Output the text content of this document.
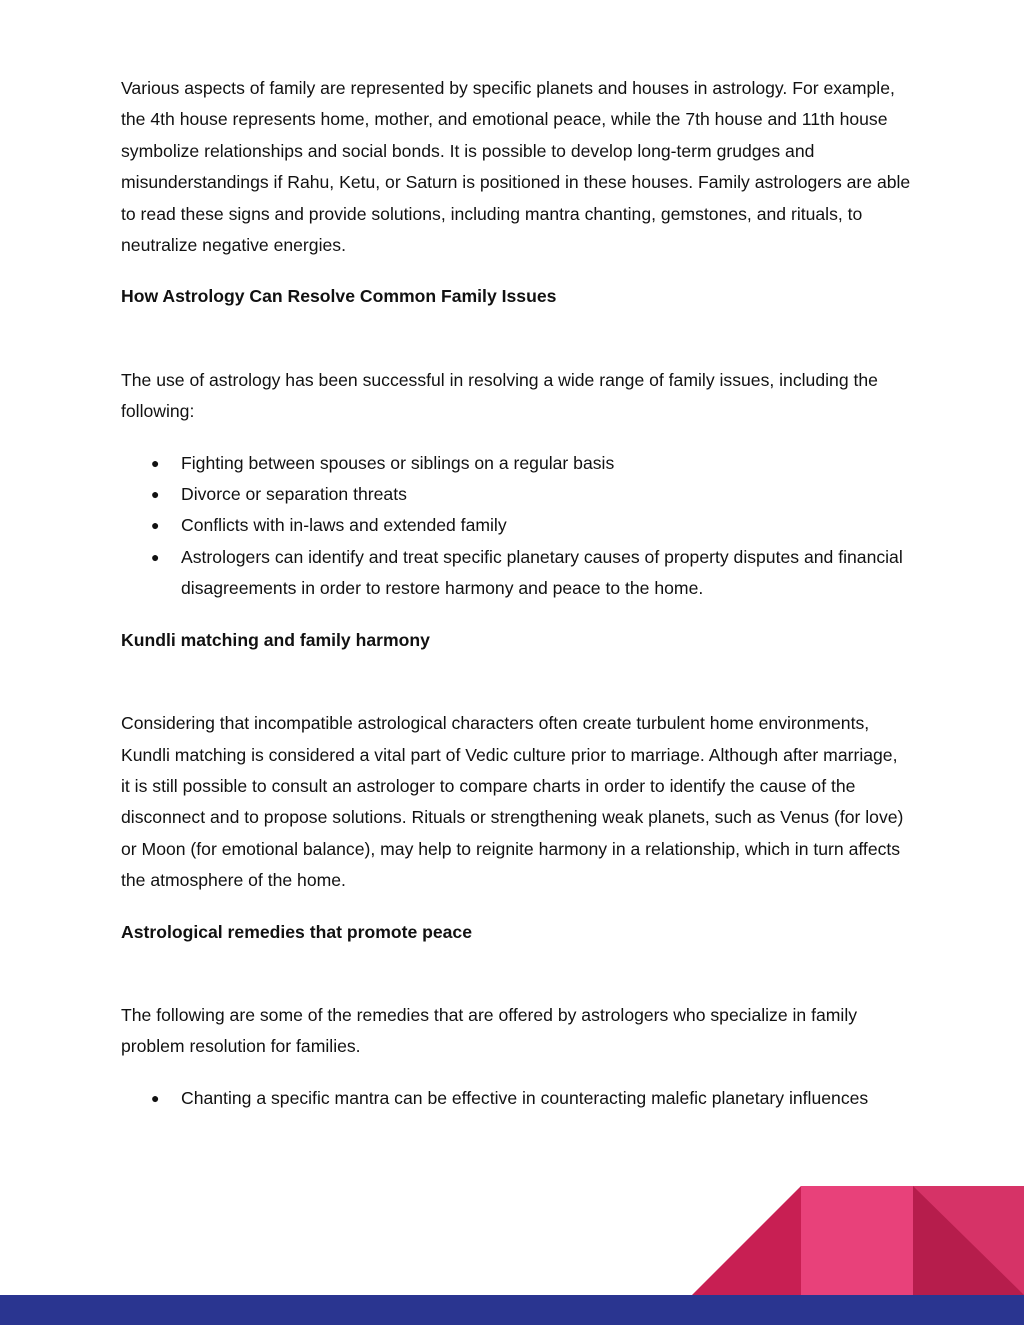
Various aspects of family are represented by specific planets and houses in astrology. For example, the 4th house represents home, mother, and emotional peace, while the 7th house and 11th house symbolize relationships and social bonds. It is possible to develop long-term grudges and misunderstandings if Rahu, Ketu, or Saturn is positioned in these houses. Family astrologers are able to read these signs and provide solutions, including mantra chanting, gemstones, and rituals, to neutralize negative energies.

How Astrology Can Resolve Common Family Issues

The use of astrology has been successful in resolving a wide range of family issues, including the following:

● Fighting between spouses or siblings on a regular basis
● Divorce or separation threats
● Conflicts with in-laws and extended family
● Astrologers can identify and treat specific planetary causes of property disputes and financial disagreements in order to restore harmony and peace to the home.
Kundli matching and family harmony

Considering that incompatible astrological characters often create turbulent home environments, Kundli matching is considered a vital part of Vedic culture prior to marriage. Although after marriage, it is still possible to consult an astrologer to compare charts in order to identify the cause of the disconnect and to propose solutions. Rituals or strengthening weak planets, such as Venus (for love) or Moon (for emotional balance), may help to reignite harmony in a relationship, which in turn affects the atmosphere of the home.

Astrological remedies that promote peace

The following are some of the remedies that are offered by astrologers who specialize in family problem resolution for families.

● Chanting a specific mantra can be effective in counteracting malefic planetary influences
